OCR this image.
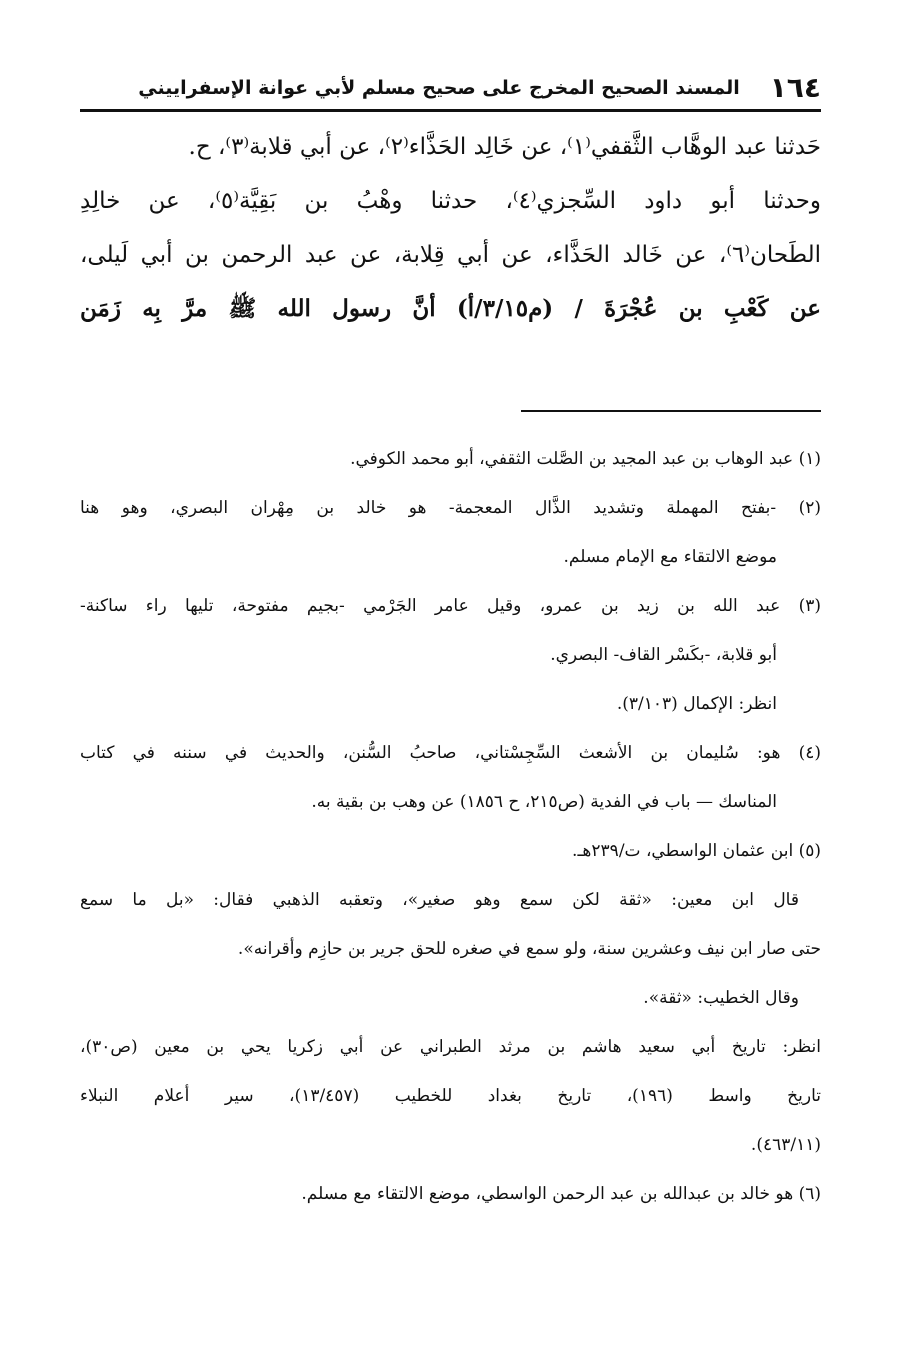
١٦٤
المسند الصحيح المخرج على صحيح مسلم لأبي عوانة الإسفراييني
حَدثنا عبد الوهَّاب الثَّقفي⁽١⁾، عن خَالِد الحَذَّاء⁽٢⁾، عن أبي قلابة⁽٣⁾، ح.
وحدثنا أبو داود السِّجزي⁽٤⁾، حدثنا وهْبُ بن بَقِيَّة⁽٥⁾، عن خالِدِ
الطَحان⁽٦⁾، عن خَالد الحَذَّاء، عن أبي قِلابة، عن عبد الرحمن بن أبي لَيلى،
عن كَعْبِ بن عُجْرَةَ / (م٣/١٥/أ) أنَّ رسول الله ﷺ مرَّ بِه زَمَن
(١) عبد الوهاب بن عبد المجيد بن الصَّلت الثقفي، أبو محمد الكوفي.
(٢) -بفتح المهملة وتشديد الذَّال المعجمة- هو خالد بن مِهْران البصري، وهو هنا
موضع الالتقاء مع الإمام مسلم.
(٣) عبد الله بن زيد بن عمرو، وقيل عامر الجَرْمي -بجيم مفتوحة، تليها راء ساكنة-
أبو قلابة، -بكَسْر القاف- البصري.
انظر: الإكمال (٣/١٠٣).
(٤) هو: سُليمان بن الأشعث السِّجِسْتاني، صاحبُ السُّنن، والحديث في سننه في كتاب
المناسك — باب في الفدية (ص٢١٥، ح ١٨٥٦) عن وهب بن بقية به.
(٥) ابن عثمان الواسطي، ت/٢٣٩هـ.
قال ابن معين: «ثقة لكن سمع وهو صغير»، وتعقبه الذهبي فقال: «بل ما سمع
حتى صار ابن نيف وعشرين سنة، ولو سمع في صغره للحق جرير بن حازِم وأقرانه».
وقال الخطيب: «ثقة».
انظر: تاريخ أبي سعيد هاشم بن مرثد الطبراني عن أبي زكريا يحي بن معين (ص٣٠)،
تاريخ واسط (١٩٦)، تاريخ بغداد للخطيب (١٣/٤٥٧)، سير أعلام النبلاء
(٤٦٣/١١).
(٦) هو خالد بن عبدالله بن عبد الرحمن الواسطي، موضع الالتقاء مع مسلم.
